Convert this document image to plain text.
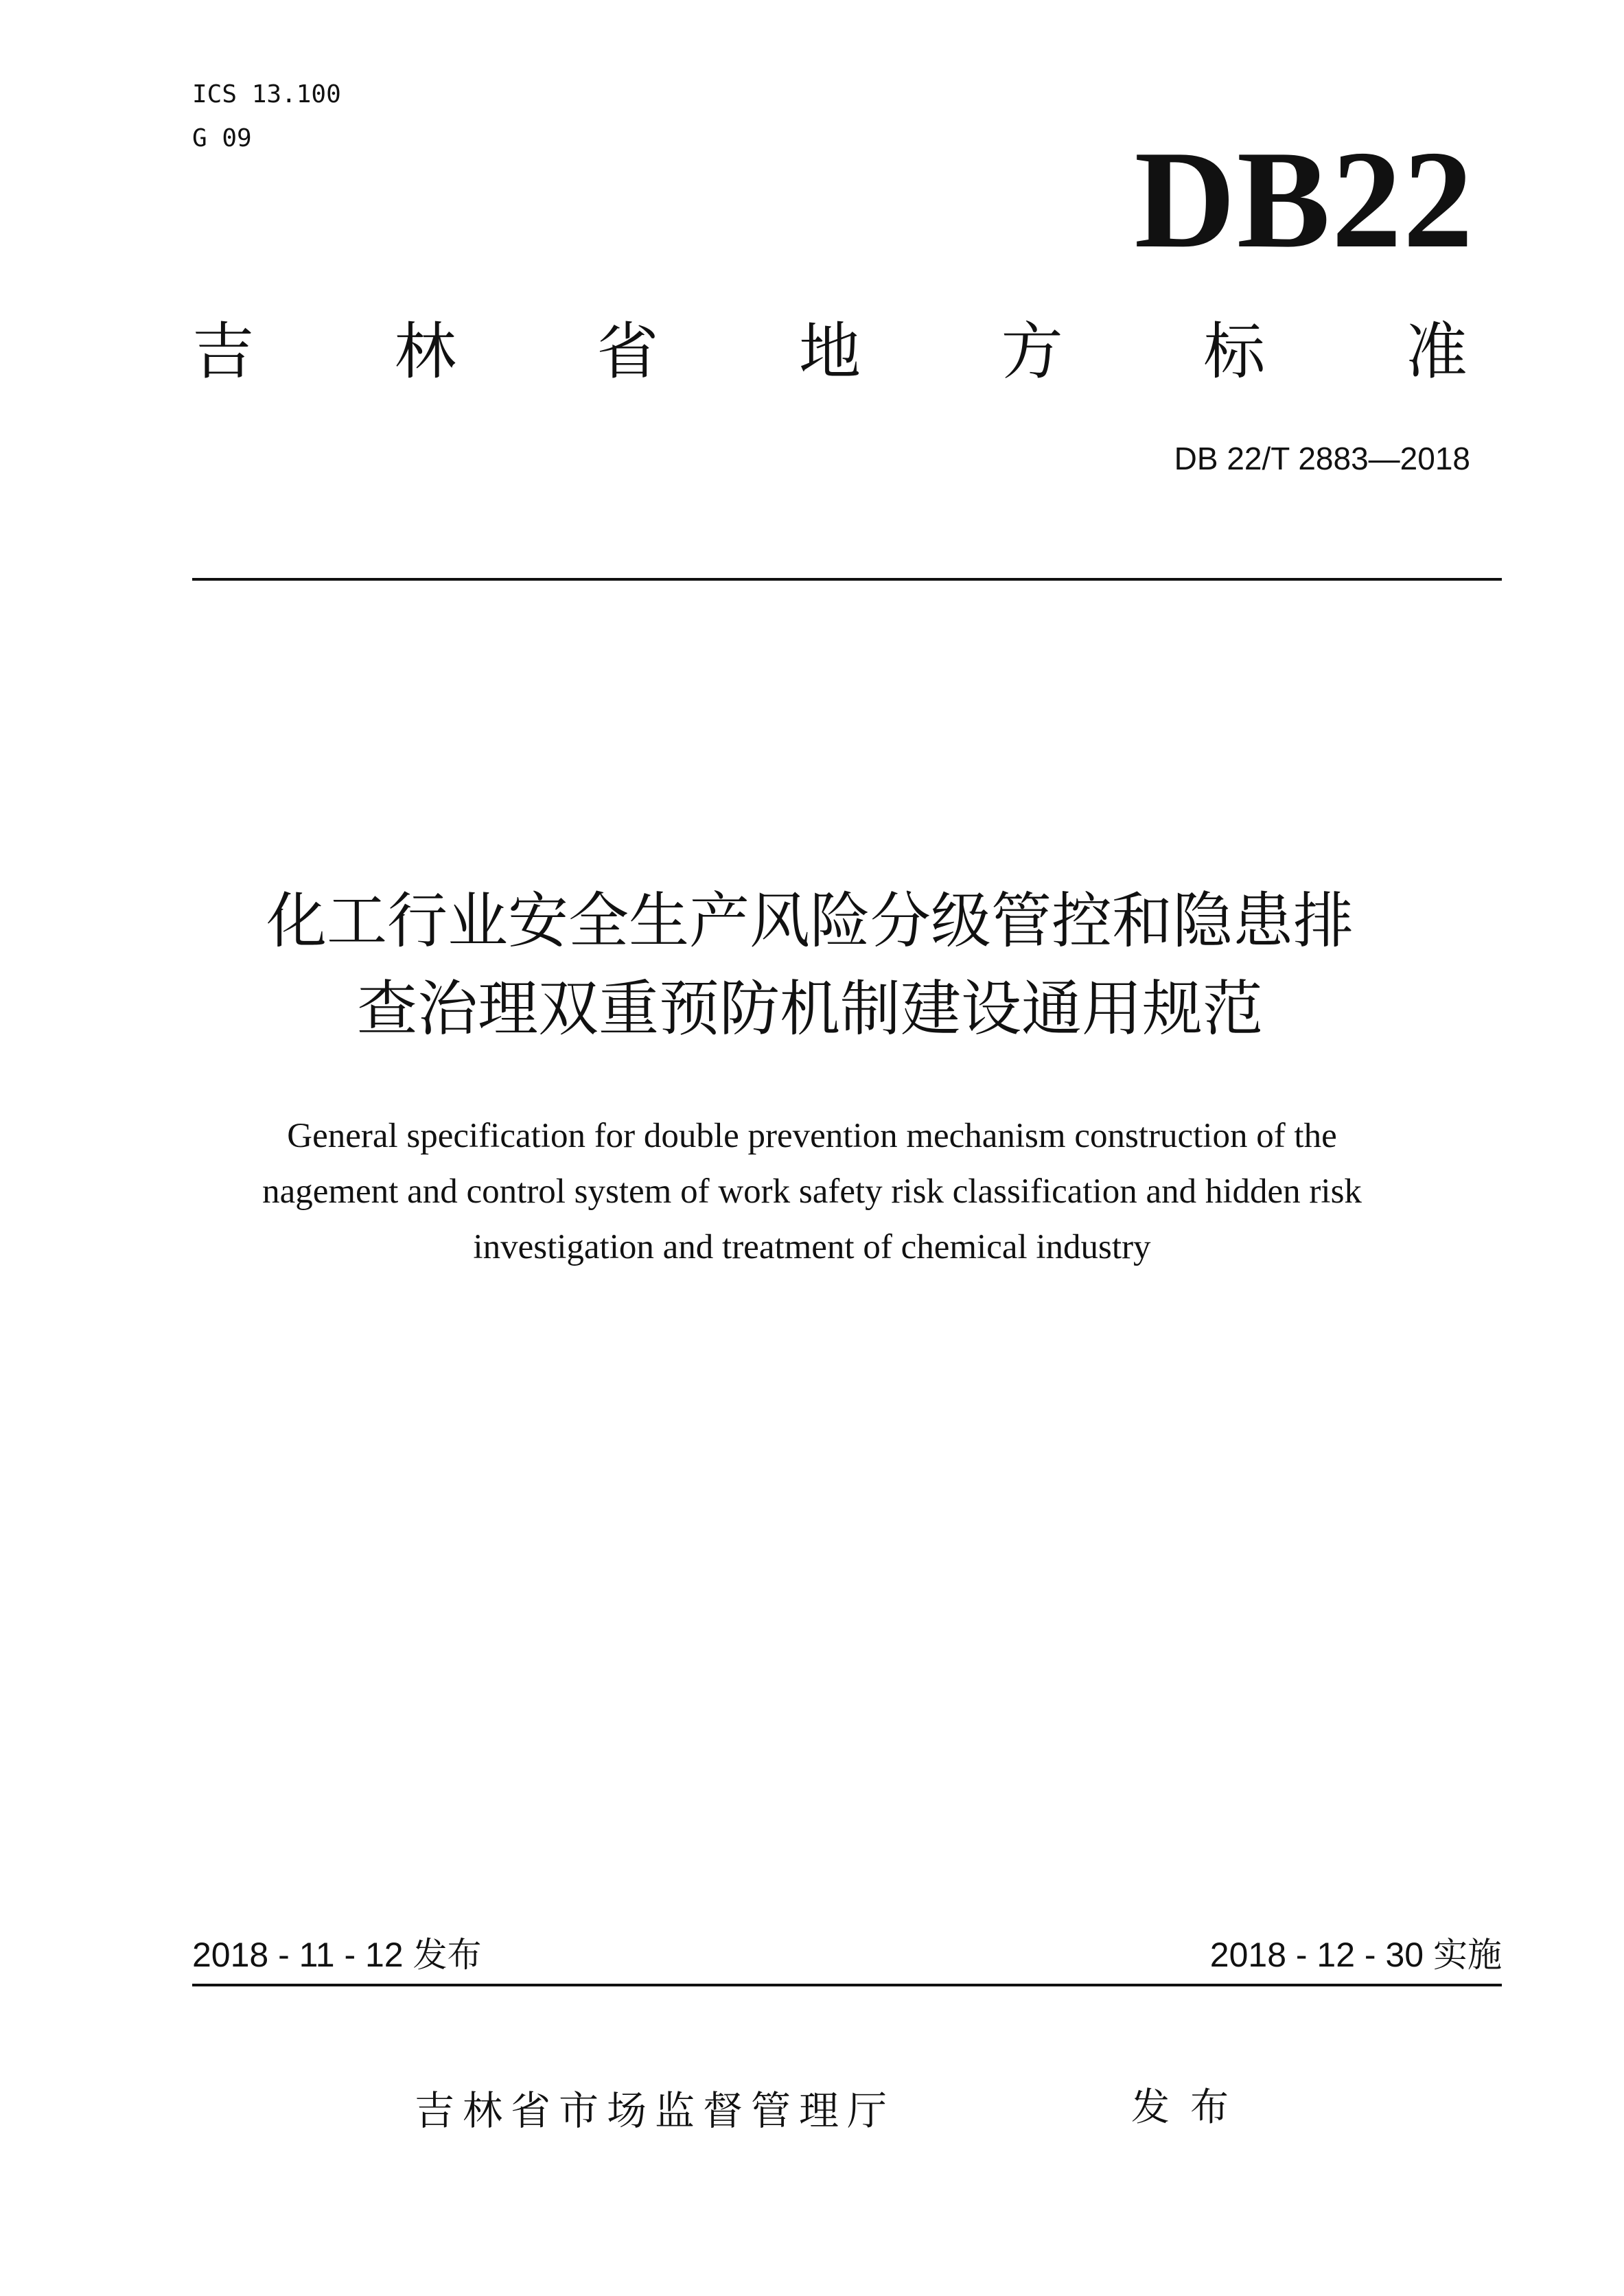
ICS 13.100
G 09	DB22
吉 林 省 地 方 标 准
DB 22/T 2883—2018
化工行业安全生产风险分级管控和隐患排
查治理双重预防机制建设通用规范
General specification for double prevention mechanism construction of the
nagement and control system of work safety risk classification and hidden risk
investigation and treatment of chemical industry
2018 - 11 - 12 发布	2018 - 12 - 30 实施
吉林省市场监督管理厅	发布
